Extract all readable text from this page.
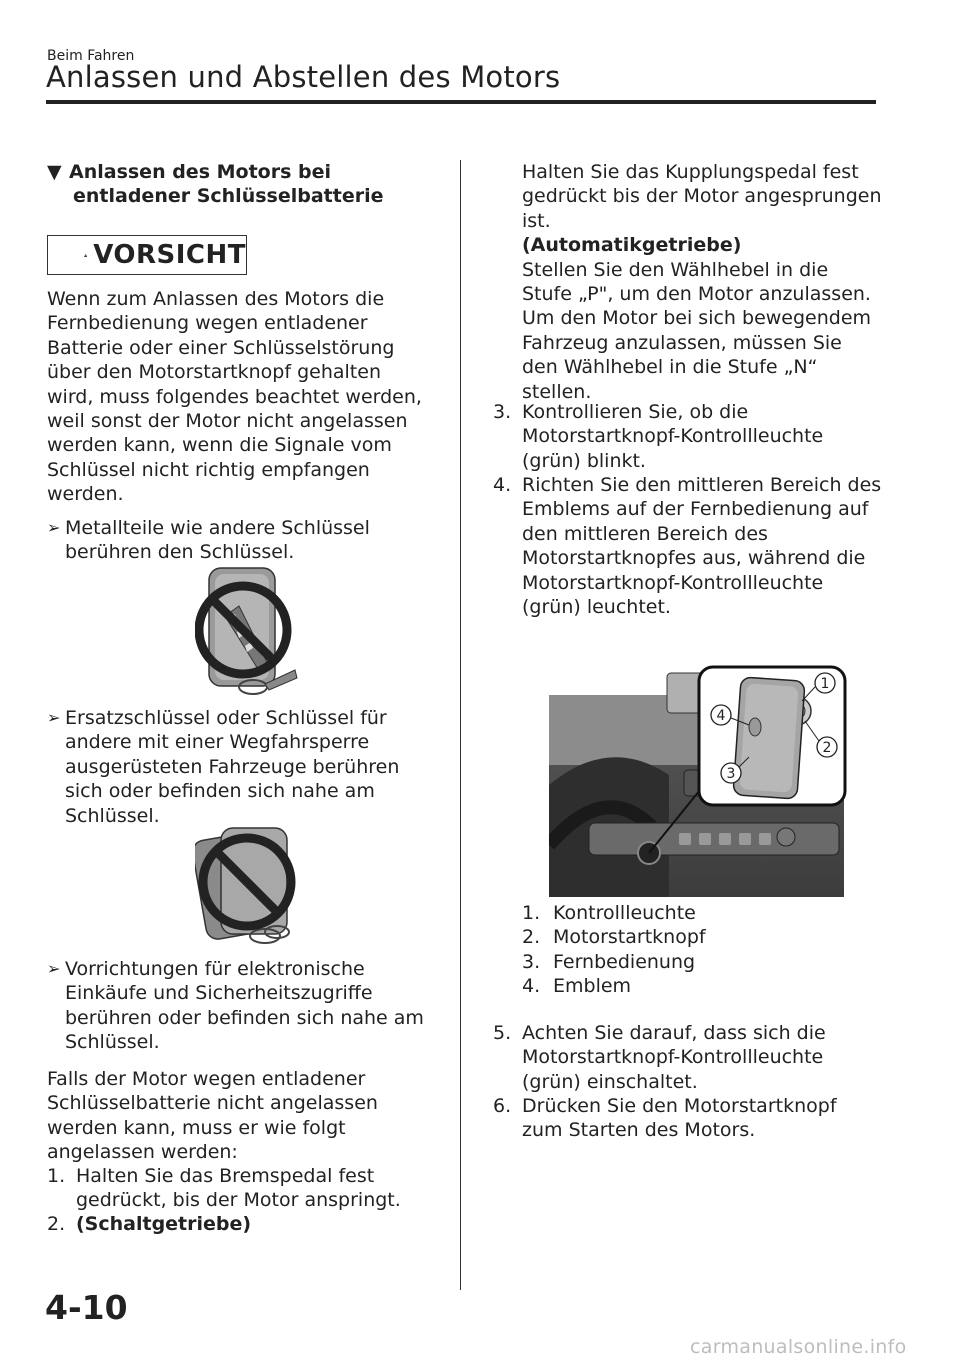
Beim Fahren
Anlassen und Abstellen des Motors
▼ Anlassen des Motors bei
entladener Schlüsselbatterie
VORSICHT
Wenn zum Anlassen des Motors die Fernbedienung wegen entladener Batterie oder einer Schlüsselstörung über den Motorstartknopf gehalten wird, muss folgendes beachtet werden, weil sonst der Motor nicht angelassen werden kann, wenn die Signale vom Schlüssel nicht richtig empfangen werden.
➢ Metallteile wie andere Schlüssel berühren den Schlüssel.
➢ Ersatzschlüssel oder Schlüssel für andere mit einer Wegfahrsperre ausgerüsteten Fahrzeuge berühren sich oder befinden sich nahe am Schlüssel.
➢ Vorrichtungen für elektronische Einkäufe und Sicherheitszugriffe berühren oder befinden sich nahe am Schlüssel.
Falls der Motor wegen entladener Schlüsselbatterie nicht angelassen werden kann, muss er wie folgt angelassen werden:
1. Halten Sie das Bremspedal fest gedrückt, bis der Motor anspringt.
2. (Schaltgetriebe)
Halten Sie das Kupplungspedal fest gedrückt bis der Motor angesprungen ist.
(Automatikgetriebe)
Stellen Sie den Wählhebel in die Stufe „P", um den Motor anzulassen. Um den Motor bei sich bewegendem Fahrzeug anzulassen, müssen Sie den Wählhebel in die Stufe „N“ stellen.
3. Kontrollieren Sie, ob die Motorstartknopf-Kontrollleuchte (grün) blinkt.
4. Richten Sie den mittleren Bereich des Emblems auf der Fernbedienung auf den mittleren Bereich des Motorstartknopfes aus, während die Motorstartknopf-Kontrollleuchte (grün) leuchtet.
1
2
3
4
1. Kontrollleuchte
2. Motorstartknopf
3. Fernbedienung
4. Emblem
5. Achten Sie darauf, dass sich die Motorstartknopf-Kontrollleuchte (grün) einschaltet.
6. Drücken Sie den Motorstartknopf zum Starten des Motors.
4-10
carmanualsonline.info
